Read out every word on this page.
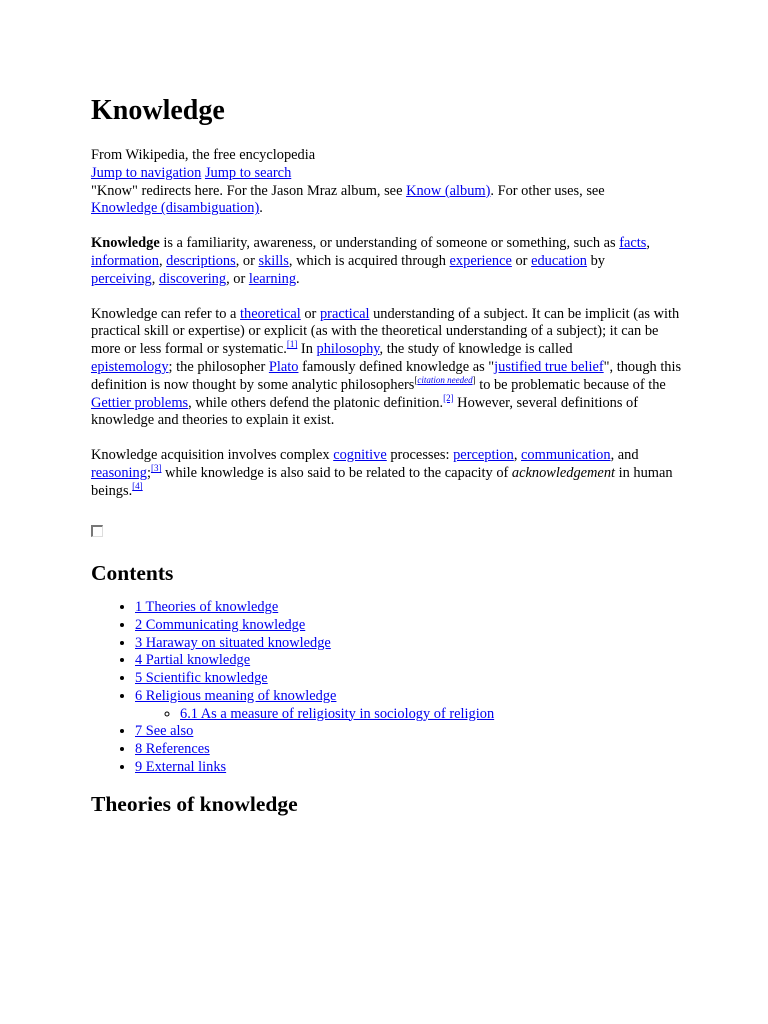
Knowledge
From Wikipedia, the free encyclopedia
Jump to navigation Jump to search
"Know" redirects here. For the Jason Mraz album, see Know (album). For other uses, see
Knowledge (disambiguation).

Knowledge is a familiarity, awareness, or understanding of someone or something, such as facts,
information, descriptions, or skills, which is acquired through experience or education by
perceiving, discovering, or learning.

Knowledge can refer to a theoretical or practical understanding of a subject. It can be implicit (as with practical skill or expertise) or explicit (as with the theoretical understanding of a subject); it can be more or less formal or systematic.[1] In philosophy, the study of knowledge is called
epistemology; the philosopher Plato famously defined knowledge as "justified true belief", though this definition is now thought by some analytic philosophers[citation needed] to be problematic because of the Gettier problems, while others defend the platonic definition.[2] However, several definitions of knowledge and theories to explain it exist.

Knowledge acquisition involves complex cognitive processes: perception, communication, and
reasoning;[3] while knowledge is also said to be related to the capacity of acknowledgement in human beings.[4]

Contents
• 1 Theories of knowledge
• 2 Communicating knowledge
• 3 Haraway on situated knowledge
• 4 Partial knowledge
• 5 Scientific knowledge
• 6 Religious meaning of knowledge
◦ 6.1 As a measure of religiosity in sociology of religion
• 7 See also
• 8 References
• 9 External links
Theories of knowledge
